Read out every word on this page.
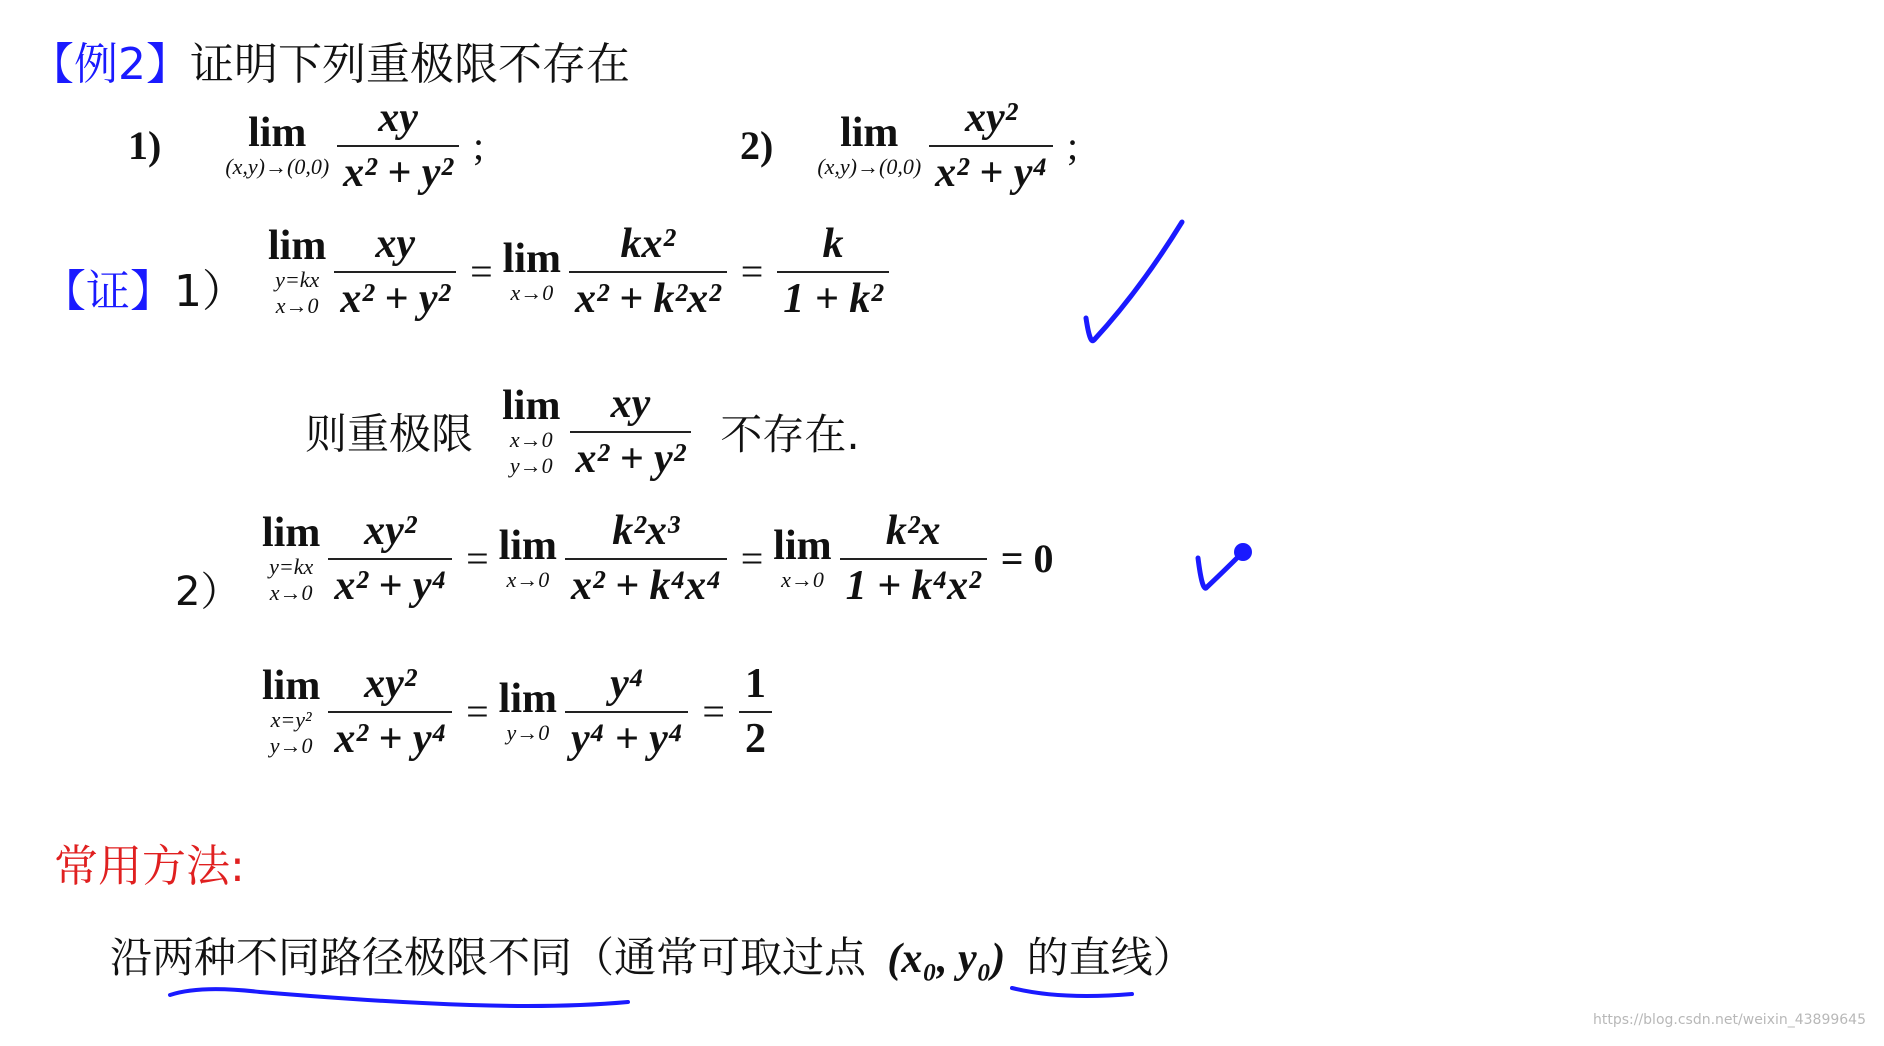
【例2】证明下列重极限不存在
1)	lim
(x,y)→(0,0)
$\frac{xy}{\text{x² + y²}}$ ;	2)	lim
(x,y)→(0,0)
$\frac{\text{xy²}}{\text{x² + y⁴}}$ ;
【证】1）
lim
y=kx
x→0
$\frac{xy}{\text{x² + y²}} = \lim$
x→0
$\frac{\text{kx²}}{\text{x² + k²x²}} = \frac{k}{\text{1 + k²}}$
则重极限
lim
x→0
y→0
$\frac{xy}{\text{x² + y²}}$ 不存在.
2）
lim
y=kx
x→0
$\frac{\text{xy²}}{\text{x² + y⁴}} = \lim$
x→0
$\frac{\text{k²x³}}{\text{x² + k⁴x⁴}} = \lim$
x→0
$\frac{\text{k²x}}{\text{1 + k⁴x²}} = 0$
lim
x=y²
y→0
$\frac{\text{xy²}}{\text{x² + y⁴}} = \lim$
y→0
$\frac{\text{y⁴}}{\text{y⁴ + y⁴}} = \frac{1}{2}$
常用方法:
沿两种不同路径极限不同（通常可取过点 (x₀, y₀) 的直线）
https://blog.csdn.net/weixin_43899645
